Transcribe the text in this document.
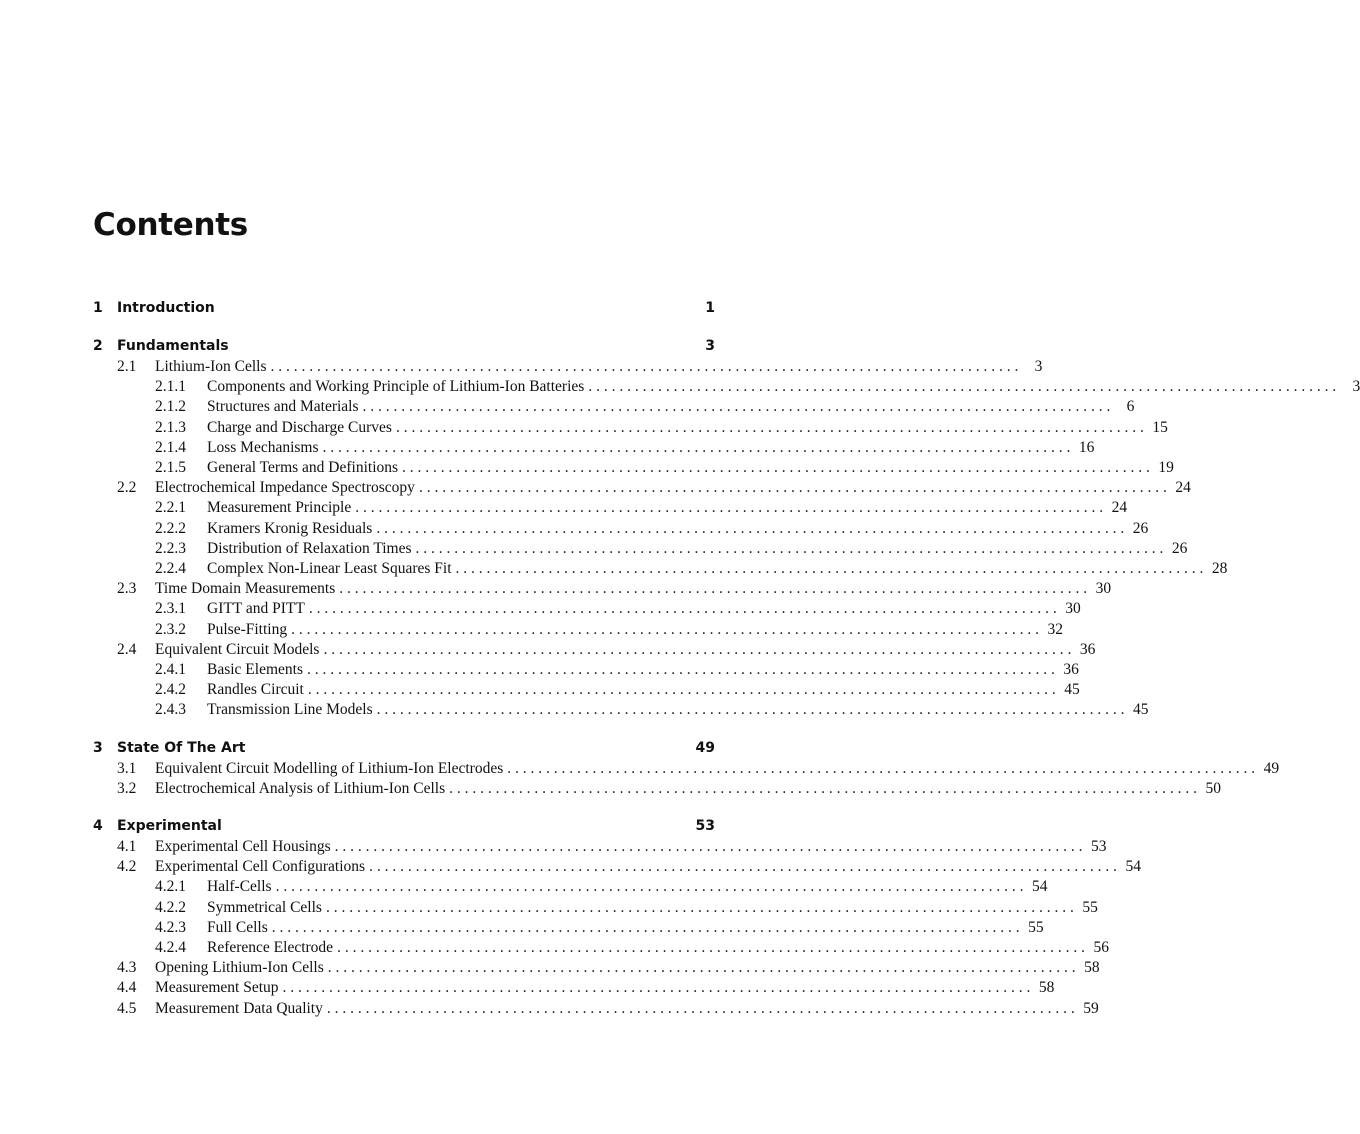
Contents
1	Introduction	1
2	Fundamentals	3
2.1	Lithium-Ion Cells . . . . . . . . . . . . . . . . . . . . . . . . . . . . . . . . . . . . . . . . . . . . . . . . . . . . . . . . . . . . . . . . . . . . . . . . . . . . . . . . . . . . . . . . . . . . . . . . .	3
2.1.1	Components and Working Principle of Lithium-Ion Batteries . . . . . . . . . . . . . . . . . . . . . . . . . . . . . . . . . . . . . . . . . . . . . . . . . . . . . . . . . . . . . . . . . . . . . . . . . . . . . . . . . . . . . . . . . . . . . . . . .	3
2.1.2	Structures and Materials . . . . . . . . . . . . . . . . . . . . . . . . . . . . . . . . . . . . . . . . . . . . . . . . . . . . . . . . . . . . . . . . . . . . . . . . . . . . . . . . . . . . . . . . . . . . . . . . .	6
2.1.3	Charge and Discharge Curves . . . . . . . . . . . . . . . . . . . . . . . . . . . . . . . . . . . . . . . . . . . . . . . . . . . . . . . . . . . . . . . . . . . . . . . . . . . . . . . . . . . . . . . . . . . . . . . . . 15
2.1.4	Loss Mechanisms . . . . . . . . . . . . . . . . . . . . . . . . . . . . . . . . . . . . . . . . . . . . . . . . . . . . . . . . . . . . . . . . . . . . . . . . . . . . . . . . . . . . . . . . . . . . . . . . . 16
2.1.5	General Terms and Definitions . . . . . . . . . . . . . . . . . . . . . . . . . . . . . . . . . . . . . . . . . . . . . . . . . . . . . . . . . . . . . . . . . . . . . . . . . . . . . . . . . . . . . . . . . . . . . . . . . 19
2.2	Electrochemical Impedance Spectroscopy . . . . . . . . . . . . . . . . . . . . . . . . . . . . . . . . . . . . . . . . . . . . . . . . . . . . . . . . . . . . . . . . . . . . . . . . . . . . . . . . . . . . . . . . . . . . . . . . . 24
2.2.1	Measurement Principle . . . . . . . . . . . . . . . . . . . . . . . . . . . . . . . . . . . . . . . . . . . . . . . . . . . . . . . . . . . . . . . . . . . . . . . . . . . . . . . . . . . . . . . . . . . . . . . . . 24
2.2.2	Kramers Kronig Residuals . . . . . . . . . . . . . . . . . . . . . . . . . . . . . . . . . . . . . . . . . . . . . . . . . . . . . . . . . . . . . . . . . . . . . . . . . . . . . . . . . . . . . . . . . . . . . . . . . 26
2.2.3	Distribution of Relaxation Times . . . . . . . . . . . . . . . . . . . . . . . . . . . . . . . . . . . . . . . . . . . . . . . . . . . . . . . . . . . . . . . . . . . . . . . . . . . . . . . . . . . . . . . . . . . . . . . . . 26
2.2.4	Complex Non-Linear Least Squares Fit . . . . . . . . . . . . . . . . . . . . . . . . . . . . . . . . . . . . . . . . . . . . . . . . . . . . . . . . . . . . . . . . . . . . . . . . . . . . . . . . . . . . . . . . . . . . . . . . . 28
2.3	Time Domain Measurements . . . . . . . . . . . . . . . . . . . . . . . . . . . . . . . . . . . . . . . . . . . . . . . . . . . . . . . . . . . . . . . . . . . . . . . . . . . . . . . . . . . . . . . . . . . . . . . . . 30
2.3.1	GITT and PITT . . . . . . . . . . . . . . . . . . . . . . . . . . . . . . . . . . . . . . . . . . . . . . . . . . . . . . . . . . . . . . . . . . . . . . . . . . . . . . . . . . . . . . . . . . . . . . . . . 30
2.3.2	Pulse-Fitting . . . . . . . . . . . . . . . . . . . . . . . . . . . . . . . . . . . . . . . . . . . . . . . . . . . . . . . . . . . . . . . . . . . . . . . . . . . . . . . . . . . . . . . . . . . . . . . . . 32
2.4	Equivalent Circuit Models . . . . . . . . . . . . . . . . . . . . . . . . . . . . . . . . . . . . . . . . . . . . . . . . . . . . . . . . . . . . . . . . . . . . . . . . . . . . . . . . . . . . . . . . . . . . . . . . . 36
2.4.1	Basic Elements . . . . . . . . . . . . . . . . . . . . . . . . . . . . . . . . . . . . . . . . . . . . . . . . . . . . . . . . . . . . . . . . . . . . . . . . . . . . . . . . . . . . . . . . . . . . . . . . . 36
2.4.2	Randles Circuit . . . . . . . . . . . . . . . . . . . . . . . . . . . . . . . . . . . . . . . . . . . . . . . . . . . . . . . . . . . . . . . . . . . . . . . . . . . . . . . . . . . . . . . . . . . . . . . . . 45
2.4.3	Transmission Line Models . . . . . . . . . . . . . . . . . . . . . . . . . . . . . . . . . . . . . . . . . . . . . . . . . . . . . . . . . . . . . . . . . . . . . . . . . . . . . . . . . . . . . . . . . . . . . . . . . 45
3	State Of The Art	49
3.1	Equivalent Circuit Modelling of Lithium-Ion Electrodes . . . . . . . . . . . . . . . . . . . . . . . . . . . . . . . . . . . . . . . . . . . . . . . . . . . . . . . . . . . . . . . . . . . . . . . . . . . . . . . . . . . . . . . . . . . . . . . . . 49
3.2	Electrochemical Analysis of Lithium-Ion Cells . . . . . . . . . . . . . . . . . . . . . . . . . . . . . . . . . . . . . . . . . . . . . . . . . . . . . . . . . . . . . . . . . . . . . . . . . . . . . . . . . . . . . . . . . . . . . . . . . 50
4	Experimental	53
4.1	Experimental Cell Housings . . . . . . . . . . . . . . . . . . . . . . . . . . . . . . . . . . . . . . . . . . . . . . . . . . . . . . . . . . . . . . . . . . . . . . . . . . . . . . . . . . . . . . . . . . . . . . . . . 53
4.2	Experimental Cell Configurations . . . . . . . . . . . . . . . . . . . . . . . . . . . . . . . . . . . . . . . . . . . . . . . . . . . . . . . . . . . . . . . . . . . . . . . . . . . . . . . . . . . . . . . . . . . . . . . . . 54
4.2.1	Half-Cells . . . . . . . . . . . . . . . . . . . . . . . . . . . . . . . . . . . . . . . . . . . . . . . . . . . . . . . . . . . . . . . . . . . . . . . . . . . . . . . . . . . . . . . . . . . . . . . . . 54
4.2.2	Symmetrical Cells . . . . . . . . . . . . . . . . . . . . . . . . . . . . . . . . . . . . . . . . . . . . . . . . . . . . . . . . . . . . . . . . . . . . . . . . . . . . . . . . . . . . . . . . . . . . . . . . . 55
4.2.3	Full Cells . . . . . . . . . . . . . . . . . . . . . . . . . . . . . . . . . . . . . . . . . . . . . . . . . . . . . . . . . . . . . . . . . . . . . . . . . . . . . . . . . . . . . . . . . . . . . . . . . 55
4.2.4	Reference Electrode . . . . . . . . . . . . . . . . . . . . . . . . . . . . . . . . . . . . . . . . . . . . . . . . . . . . . . . . . . . . . . . . . . . . . . . . . . . . . . . . . . . . . . . . . . . . . . . . . 56
4.3	Opening Lithium-Ion Cells . . . . . . . . . . . . . . . . . . . . . . . . . . . . . . . . . . . . . . . . . . . . . . . . . . . . . . . . . . . . . . . . . . . . . . . . . . . . . . . . . . . . . . . . . . . . . . . . . 58
4.4	Measurement Setup . . . . . . . . . . . . . . . . . . . . . . . . . . . . . . . . . . . . . . . . . . . . . . . . . . . . . . . . . . . . . . . . . . . . . . . . . . . . . . . . . . . . . . . . . . . . . . . . . 58
4.5	Measurement Data Quality . . . . . . . . . . . . . . . . . . . . . . . . . . . . . . . . . . . . . . . . . . . . . . . . . . . . . . . . . . . . . . . . . . . . . . . . . . . . . . . . . . . . . . . . . . . . . . . . . 59
